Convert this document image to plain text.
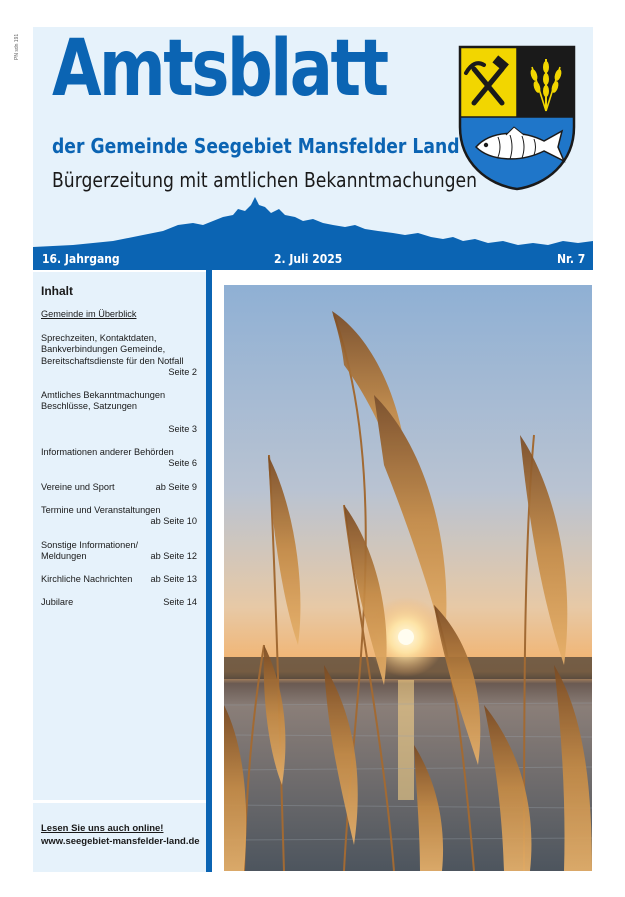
PN sdn 191 Amtsblatt
der Gemeinde Seegebiet Mansfelder Land
Bürgerzeitung mit amtlichen Bekanntmachungen
16. Jahrgang	2. Juli 2025	Nr. 7
Inhalt
Gemeinde im Überblick
Sprechzeiten, Kontaktdaten, Bankverbindungen Gemeinde, Bereitschaftsdienste für den Notfall
Seite 2
Amtliches Bekanntmachungen Beschlüsse, Satzungen
Seite 3
Informationen anderer Behörden
Seite 6
Vereine und Sport	ab Seite 9
Termine und Veranstaltungen
ab Seite 10
Sonstige Informationen/ Meldungen	ab Seite 12
Kirchliche Nachrichten ab Seite 13
Jubilare	Seite 14
Lesen Sie uns auch online!
www.seegebiet-mansfelder-land.de
